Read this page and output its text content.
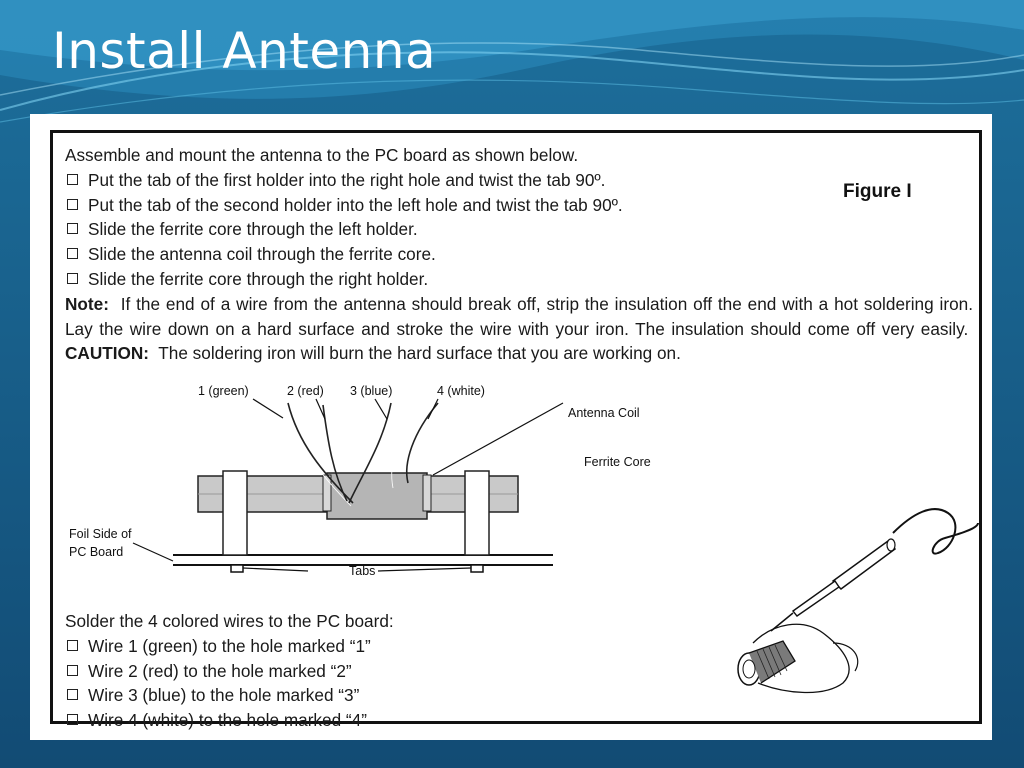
Install Antenna

Assemble and mount the antenna to the PC board as shown below.

Put the tab of the first holder into the right hole and twist the tab 90º.

Put the tab of the second holder into the left hole and twist the tab 90º.

Slide the ferrite core through the left holder.

Slide the antenna coil through the ferrite core.

Slide the ferrite core through the right holder.

Note: If the end of a wire from the antenna should break off, strip the insulation off the end with a hot soldering iron. Lay the wire down on a hard surface and stroke the wire with your iron. The insulation should come off very easily.  CAUTION: The soldering iron will burn the hard surface that you are working on.

Figure I
1 (green)	2 (red) 3 (blue)	4 (white)
Antenna Coil
Ferrite Core
Foil Side of
PC Board
Tabs

Solder the 4 colored wires to the PC board:

Wire 1 (green) to the hole marked “1”

Wire 2 (red) to the hole marked “2”

Wire 3 (blue) to the hole marked “3”

Wire 4 (white) to the hole marked “4”
